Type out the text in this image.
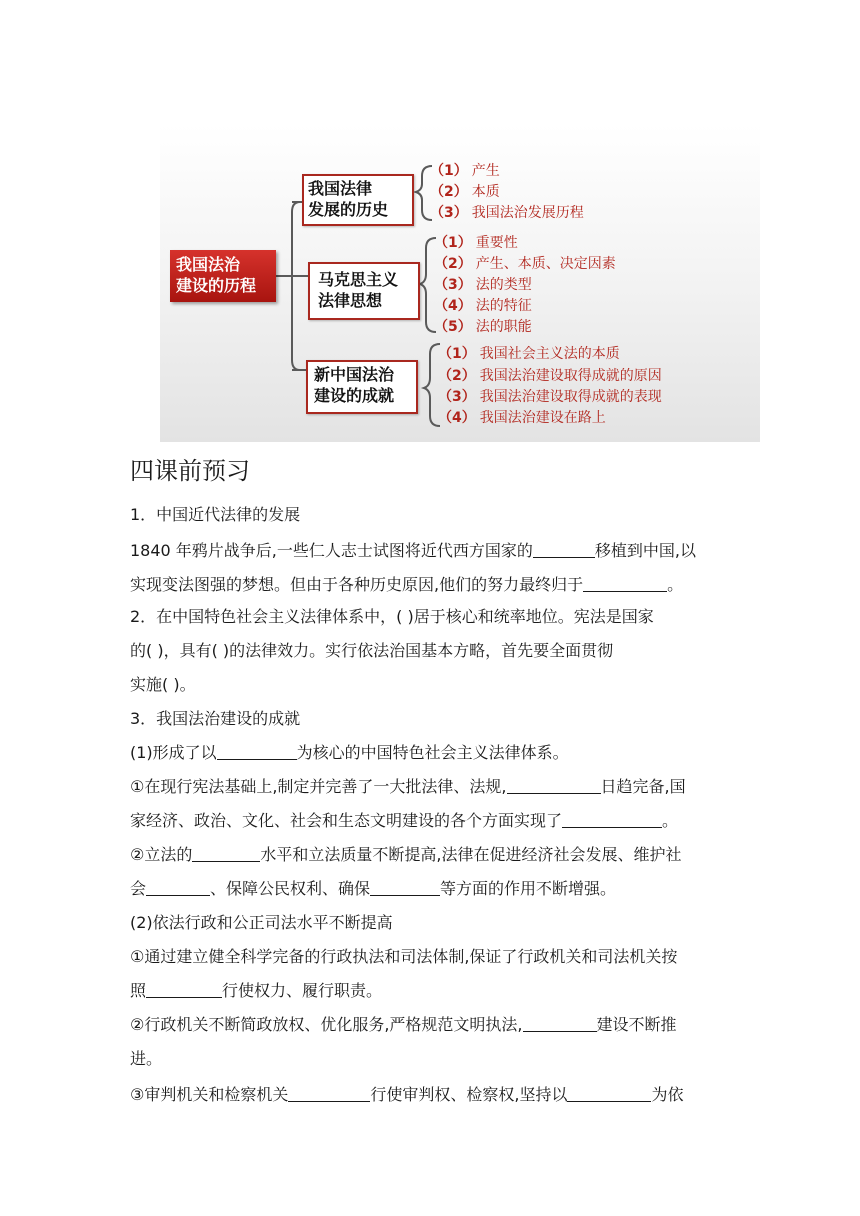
我国法治
建设的历程
我国法律
发展的历史
马克思主义
法律思想
新中国法治
建设的成就
（1） 产生
（2） 本质
（3） 我国法治发展历程
（1） 重要性
（2） 产生、本质、决定因素
（3） 法的类型
（4） 法的特征
（5） 法的职能
（1） 我国社会主义法的本质
（2） 我国法治建设取得成就的原因
（3） 我国法治建设取得成就的表现
（4） 我国法治建设在路上
四课前预习
1．中国近代法律的发展
1840 年鸦片战争后,一些仁人志士试图将近代西方国家的	移植到中国,以
实现变法图强的梦想。但由于各种历史原因,他们的努力最终归于	。
2．在中国特色社会主义法律体系中，( )居于核心和统率地位。宪法是国家
的( )，具有( )的法律效力。实行依法治国基本方略，首先要全面贯彻
实施( )。
3．我国法治建设的成就
(1)形成了以	为核心的中国特色社会主义法律体系。
①在现行宪法基础上,制定并完善了一大批法律、法规,	日趋完备,国
家经济、政治、文化、社会和生态文明建设的各个方面实现了	。
②立法的	水平和立法质量不断提高,法律在促进经济社会发展、维护社
会	、保障公民权利、确保	等方面的作用不断增强。
(2)依法行政和公正司法水平不断提高
①通过建立健全科学完备的行政执法和司法体制,保证了行政机关和司法机关按
照	行使权力、履行职责。
②行政机关不断简政放权、优化服务,严格规范文明执法,	建设不断推
进。
③审判机关和检察机关	行使审判权、检察权,坚持以	为依
